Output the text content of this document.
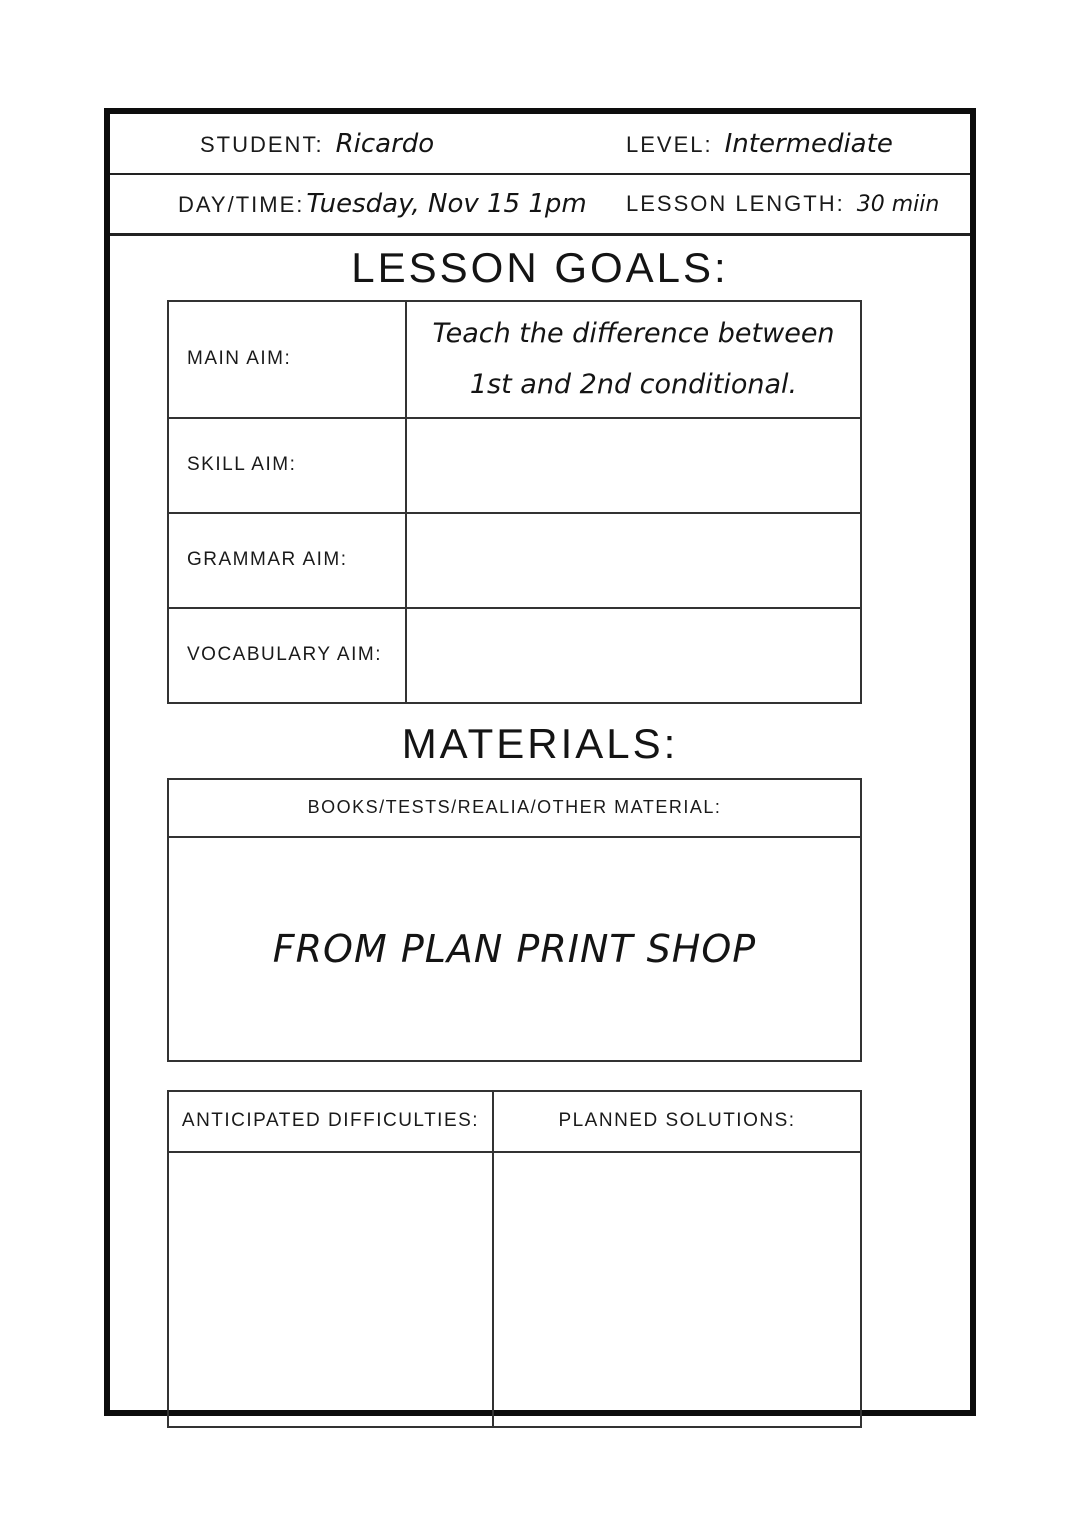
STUDENT: Ricardo	LEVEL: Intermediate
DAY/TIME: Tuesday, Nov 15 1pm LESSON LENGTH: 30 miin
LESSON GOALS:
MAIN AIM:
Teach the difference between 1st and 2nd conditional.
SKILL AIM:
GRAMMAR AIM:
VOCABULARY AIM:
MATERIALS:
BOOKS/TESTS/REALIA/OTHER MATERIAL:
FROM PLAN PRINT SHOP
ANTICIPATED DIFFICULTIES:	PLANNED SOLUTIONS:
